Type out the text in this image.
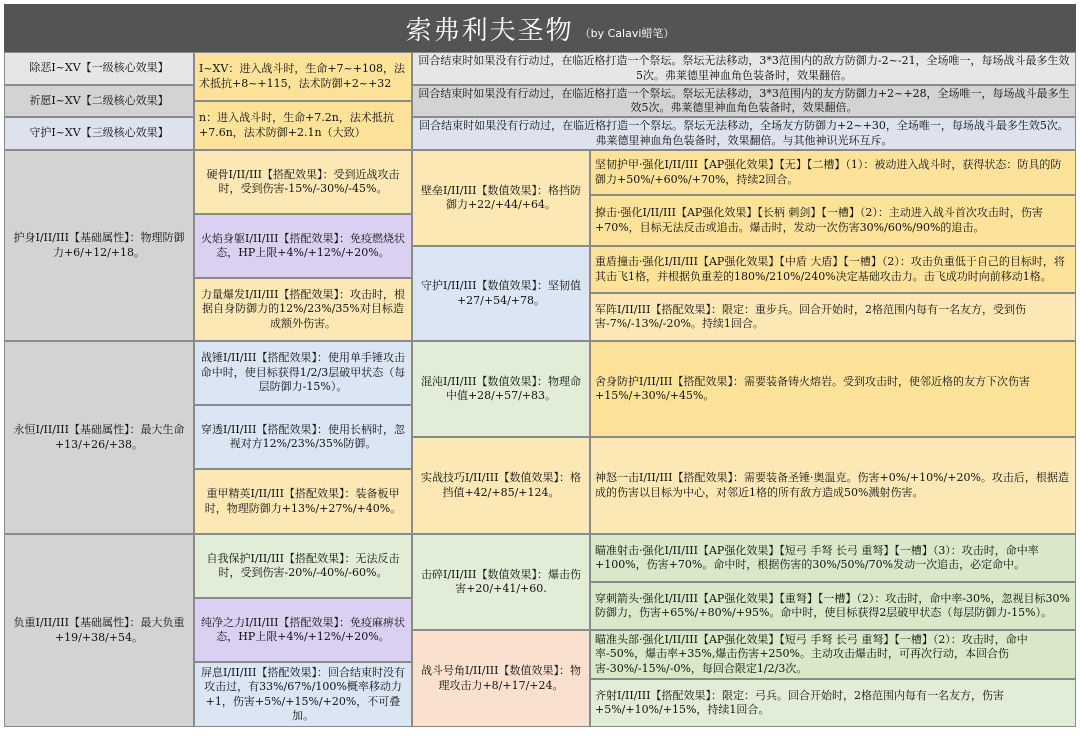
索弗利夫圣物 （by Calavi蜡笔）
除恶I~XV【一级核心效果】
祈愿I~XV【二级核心效果】
守护I~XV【三级核心效果】
I~XV：进入战斗时，生命+7~+108，法术抵抗+8~+115，法术防御+2~+32
n：进入战斗时，生命+7.2n，法术抵抗+7.6n，法术防御+2.1n（大致）
回合结束时如果没有行动过，在临近格打造一个祭坛。祭坛无法移动，3*3范围内的敌方防御力-2~-21，全场唯一，每场战斗最多生效5次。弗莱德里神血角色装备时，效果翻倍。
回合结束时如果没有行动过，在临近格打造一个祭坛。祭坛无法移动，3*3范围内的友方防御力+2~+28，全场唯一，每场战斗最多生效5次。弗莱德里神血角色装备时，效果翻倍。
回合结束时如果没有行动过，在临近格打造一个祭坛。祭坛无法移动，全场友方防御力+2~+30，全场唯一，每场战斗最多生效5次。弗莱德里神血角色装备时，效果翻倍。与其他神识光环互斥。
护身I/II/III【基础属性】：物理防御力+6/+12/+18。
硬骨I/II/III【搭配效果】：受到近战攻击时，受到伤害-15%/-30%/-45%。
火焰身躯I/II/III【搭配效果】：免疫燃烧状态，HP上限+4%/+12%/+20%。
力量爆发I/II/III【搭配效果】：攻击时，根据自身防御力的12%/23%/35%对目标造成额外伤害。
壁垒I/II/III【数值效果】：格挡防御力+22/+44/+64。
守护I/II/III【数值效果】：坚韧值+27/+54/+78。
坚韧护甲·强化I/II/III【AP强化效果】【无】【二槽】（1）：被动进入战斗时，获得状态：防具的防御力+50%/+60%/+70%，持续2回合。
撩击·强化I/II/III【AP强化效果】【长柄 刺剑】【一槽】（2）：主动进入战斗首次攻击时，伤害+70%，目标无法反击或追击。爆击时，发动一次伤害30%/60%/90%的追击。
重盾撞击·强化I/II/III【AP强化效果】【中盾 大盾】【一槽】（2）：攻击负重低于自己的目标时，将其击飞1格，并根据负重差的180%/210%/240%决定基础攻击力。击飞成功时向前移动1格。
军阵I/II/III【搭配效果】：限定：重步兵。回合开始时，2格范围内每有一名友方，受到伤害-7%/-13%/-20%。持续1回合。
永恒I/II/III【基础属性】：最大生命+13/+26/+38。
战锤I/II/III【搭配效果】：使用单手锤攻击命中时，使目标获得1/2/3层破甲状态（每层防御力-15%）。
穿透I/II/III【搭配效果】：使用长柄时，忽视对方12%/23%/35%防御。
重甲精英I/II/III【搭配效果】：装备板甲时，物理防御力+13%/+27%/+40%。
混沌I/II/III【数值效果】：物理命中值+28/+57/+83。
实战技巧I/II/III【数值效果】：格挡值+42/+85/+124。
舍身防护I/II/III【搭配效果】：需要装备铸火熔岩。受到攻击时，使邻近格的友方下次伤害+15%/+30%/+45%。
神怒一击I/II/III【搭配效果】：需要装备圣锤·奥温克。伤害+0%/+10%/+20%。攻击后，根据造成的伤害以目标为中心，对邻近1格的所有敌方造成50%溅射伤害。
负重I/II/III【基础属性】：最大负重+19/+38/+54。
自我保护I/II/III【搭配效果】：无法反击时，受到伤害-20%/-40%/-60%。
纯净之力I/II/III【搭配效果】：免疫麻痹状态，HP上限+4%/+12%/+20%。
屏息I/II/III【搭配效果】：回合结束时没有攻击过，有33%/67%/100%概率移动力+1，伤害+5%/+15%/+20%，不可叠加。
击碎I/II/III【数值效果】：爆击伤害+20/+41/+60.
战斗号角I/II/III【数值效果】：物理攻击力+8/+17/+24。
瞄准射击·强化I/II/III【AP强化效果】【短弓 手弩 长弓 重弩】【一槽】（3）：攻击时，命中率+100%，伤害+70%。命中时，根据伤害的30%/50%/70%发动一次追击，必定命中。
穿刺箭头·强化I/II/III【AP强化效果】【重弩】【一槽】（2）：攻击时，命中率-30%，忽视目标30%防御力，伤害+65%/+80%/+95%。命中时，使目标获得2层破甲状态（每层防御力-15%）。
瞄准头部·强化I/II/III【AP强化效果】【短弓 手弩 长弓 重弩】【一槽】（2）：攻击时，命中率-50%，爆击率+35%,爆击伤害+250%。主动攻击爆击时，可再次行动，本回合伤害-30%/-15%/-0%，每回合限定1/2/3次。
齐射I/II/III【搭配效果】：限定：弓兵。回合开始时，2格范围内每有一名友方，伤害+5%/+10%/+15%，持续1回合。
